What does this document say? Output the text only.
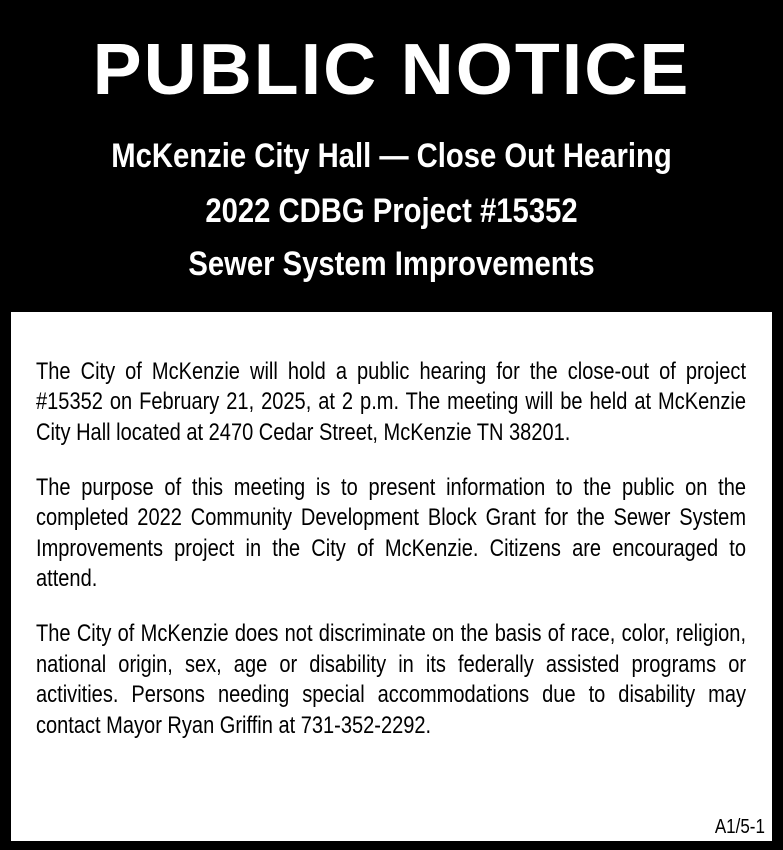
PUBLIC NOTICE
McKenzie City Hall — Close Out Hearing
2022 CDBG Project #15352
Sewer System Improvements

The City of McKenzie will hold a public hearing for the close-out of project #15352 on February 21, 2025, at 2 p.m. The meeting will be held at McKenzie City Hall located at 2470 Cedar Street, McKenzie TN 38201.

The purpose of this meeting is to present information to the public on the completed 2022 Community Development Block Grant for the Sewer System Improvements project in the City of McKenzie. Citizens are encouraged to attend.

The City of McKenzie does not discriminate on the basis of race, color, religion, national origin, sex, age or disability in its federally assisted programs or activities. Persons needing special accommodations due to disability may contact Mayor Ryan Griffin at 731-352-2292.

A1/5-1
